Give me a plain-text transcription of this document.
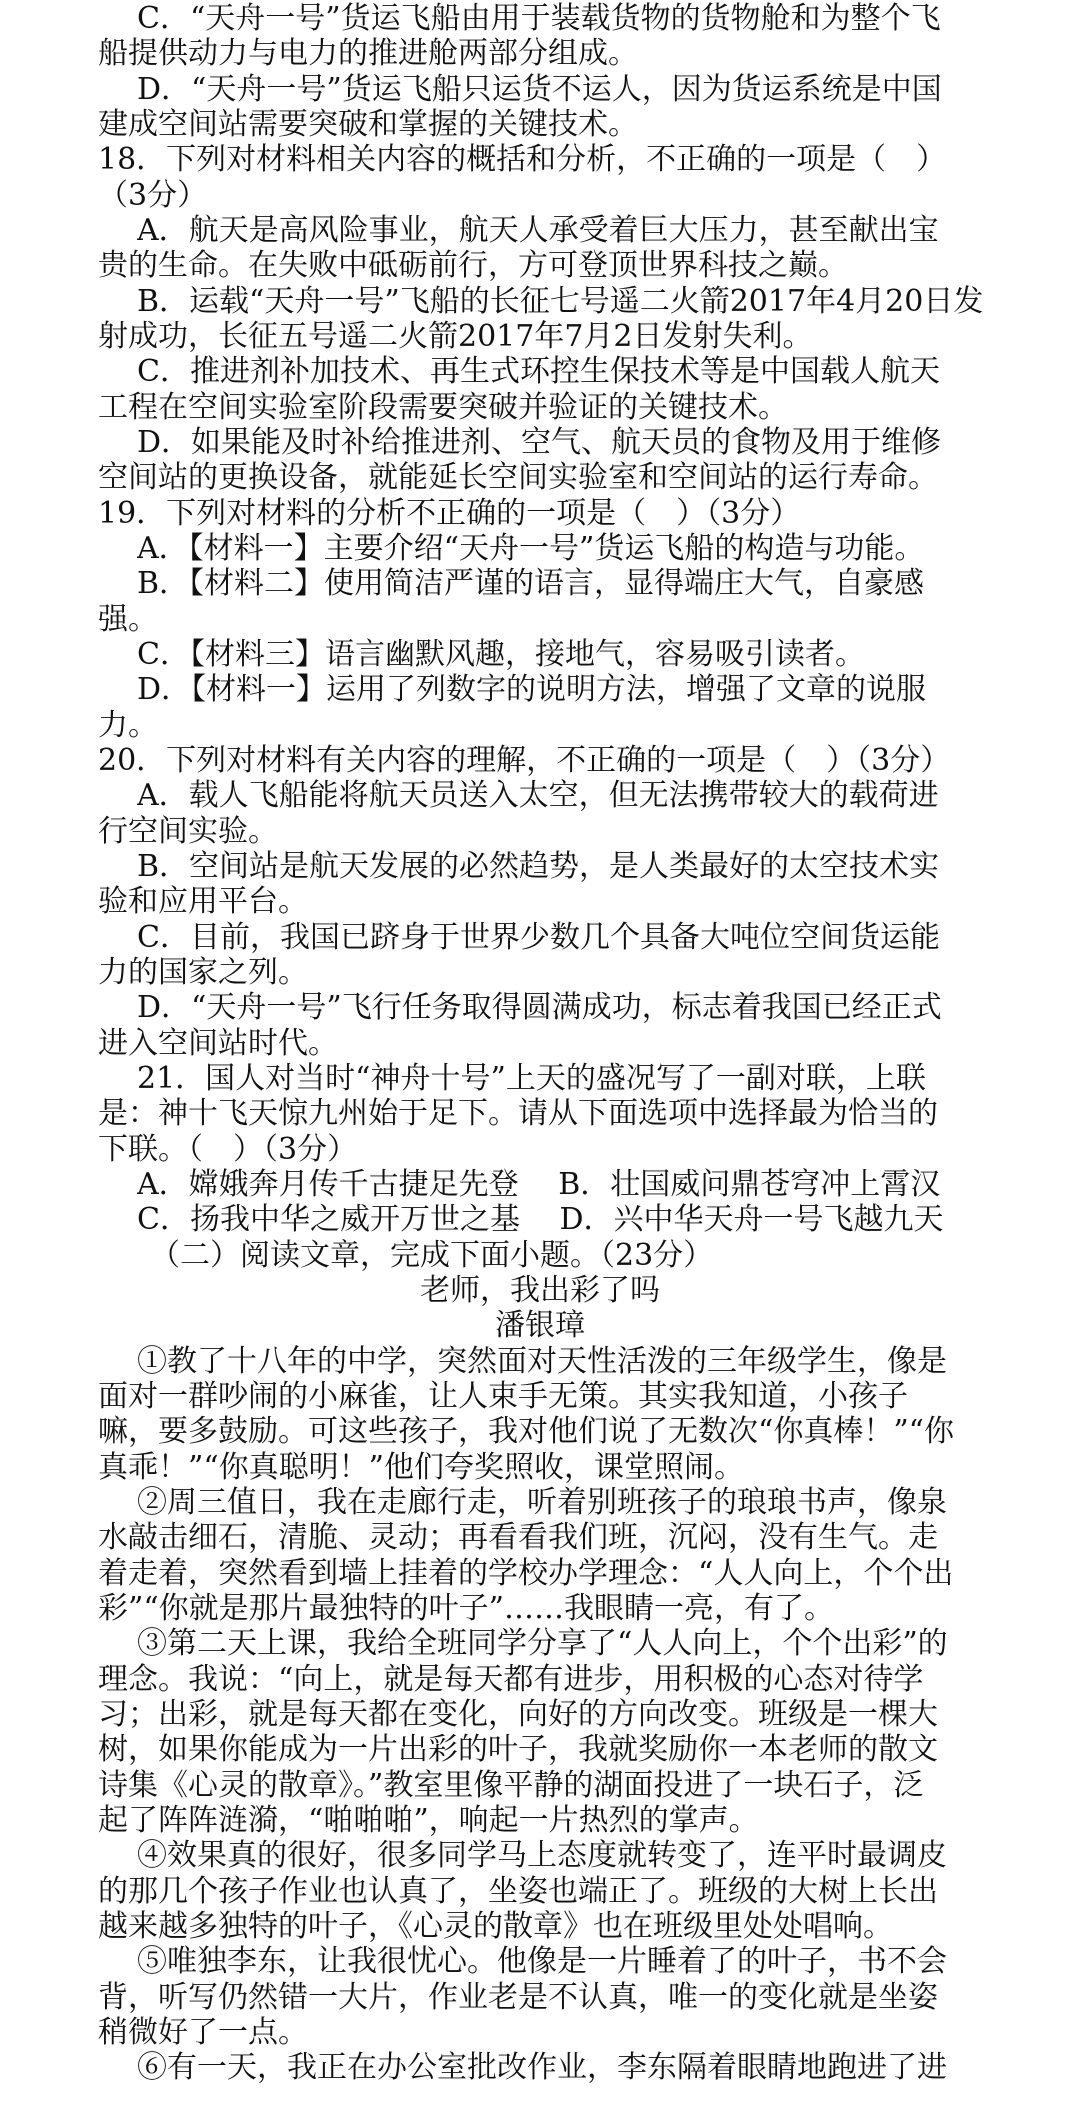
C．“天舟一号”货运飞船由用于装载货物的货物舱和为整个飞
船提供动力与电力的推进舱两部分组成。
D．“天舟一号”货运飞船只运货不运人，因为货运系统是中国
建成空间站需要突破和掌握的关键技术。
18．下列对材料相关内容的概括和分析，不正确的一项是（　）
（3分）
A．航天是高风险事业，航天人承受着巨大压力，甚至献出宝
贵的生命。在失败中砥砺前行，方可登顶世界科技之巅。
B．运载“天舟一号”飞船的长征七号遥二火箭2017年4月20日发
射成功，长征五号遥二火箭2017年7月2日发射失利。
C．推进剂补加技术、再生式环控生保技术等是中国载人航天
工程在空间实验室阶段需要突破并验证的关键技术。
D．如果能及时补给推进剂、空气、航天员的食物及用于维修
空间站的更换设备，就能延长空间实验室和空间站的运行寿命。
19．下列对材料的分析不正确的一项是（　）（3分）
A．【材料一】主要介绍“天舟一号”货运飞船的构造与功能。
B．【材料二】使用简洁严谨的语言，显得端庄大气，自豪感
强。
C．【材料三】语言幽默风趣，接地气，容易吸引读者。
D．【材料一】运用了列数字的说明方法，增强了文章的说服
力。
20．下列对材料有关内容的理解，不正确的一项是（　）（3分）
A．载人飞船能将航天员送入太空，但无法携带较大的载荷进
行空间实验。
B．空间站是航天发展的必然趋势，是人类最好的太空技术实
验和应用平台。
C．目前，我国已跻身于世界少数几个具备大吨位空间货运能
力的国家之列。
D．“天舟一号”飞行任务取得圆满成功，标志着我国已经正式
进入空间站时代。
21．国人对当时“神舟十号”上天的盛况写了一副对联，上联
是：神十飞天惊九州始于足下。请从下面选项中选择最为恰当的
下联。（　）（3分）
A．嫦娥奔月传千古捷足先登　 B．壮国威问鼎苍穹冲上霄汉
C．扬我中华之威开万世之基　 D．兴中华天舟一号飞越九天
（二）阅读文章，完成下面小题。（23分）
老师，我出彩了吗
潘银璋
①教了十八年的中学，突然面对天性活泼的三年级学生，像是
面对一群吵闹的小麻雀，让人束手无策。其实我知道，小孩子
嘛，要多鼓励。可这些孩子，我对他们说了无数次“你真棒！”“你
真乖！”“你真聪明！”他们夸奖照收，课堂照闹。
②周三值日，我在走廊行走，听着别班孩子的琅琅书声，像泉
水敲击细石，清脆、灵动；再看看我们班，沉闷，没有生气。走
着走着，突然看到墙上挂着的学校办学理念：“人人向上，个个出
彩”“你就是那片最独特的叶子”……我眼睛一亮，有了。
③第二天上课，我给全班同学分享了“人人向上，个个出彩”的
理念。我说：“向上，就是每天都有进步，用积极的心态对待学
习；出彩，就是每天都在变化，向好的方向改变。班级是一棵大
树，如果你能成为一片出彩的叶子，我就奖励你一本老师的散文
诗集《心灵的散章》。”教室里像平静的湖面投进了一块石子，泛
起了阵阵涟漪，“啪啪啪”，响起一片热烈的掌声。
④效果真的很好，很多同学马上态度就转变了，连平时最调皮
的那几个孩子作业也认真了，坐姿也端正了。班级的大树上长出
越来越多独特的叶子，《心灵的散章》也在班级里处处唱响。
⑤唯独李东，让我很忧心。他像是一片睡着了的叶子，书不会
背，听写仍然错一大片，作业老是不认真，唯一的变化就是坐姿
稍微好了一点。
⑥有一天，我正在办公室批改作业，李东隔着眼睛地跑进了进
